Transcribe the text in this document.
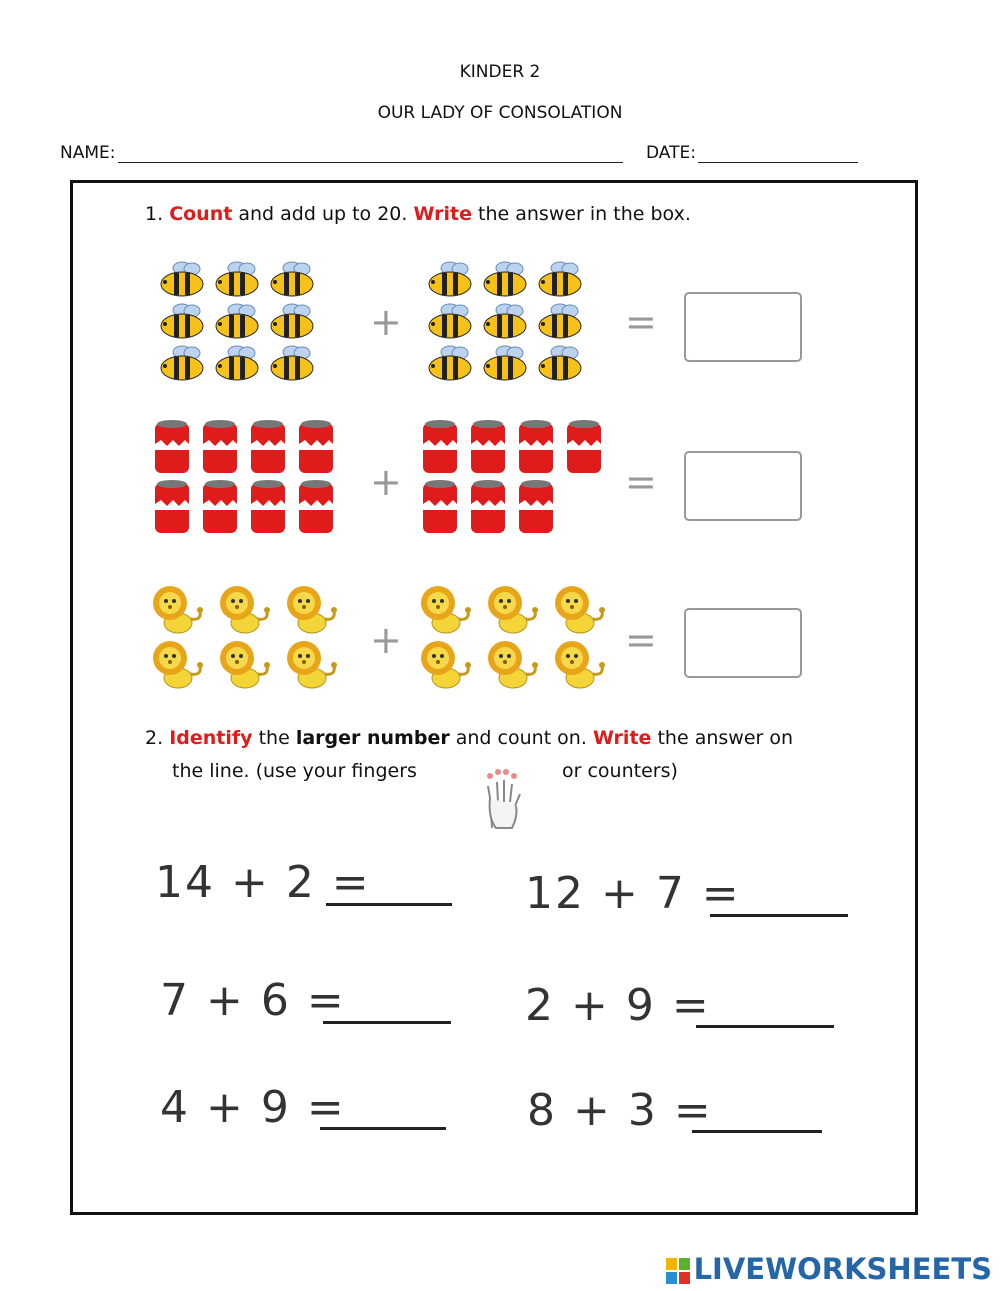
KINDER 2
OUR LADY OF CONSOLATION
NAME:	DATE:
1. Count and add up to 20. Write the answer in the box.
+	=
+	=
+	=
2. Identify the larger number and count on. Write the answer on
the line. (use your fingers	or counters)
14 + 2 =	12 + 7 =
7 + 6 =	2 + 9 =
4 + 9 =	8 + 3 =
LIVEWORKSHEETS
